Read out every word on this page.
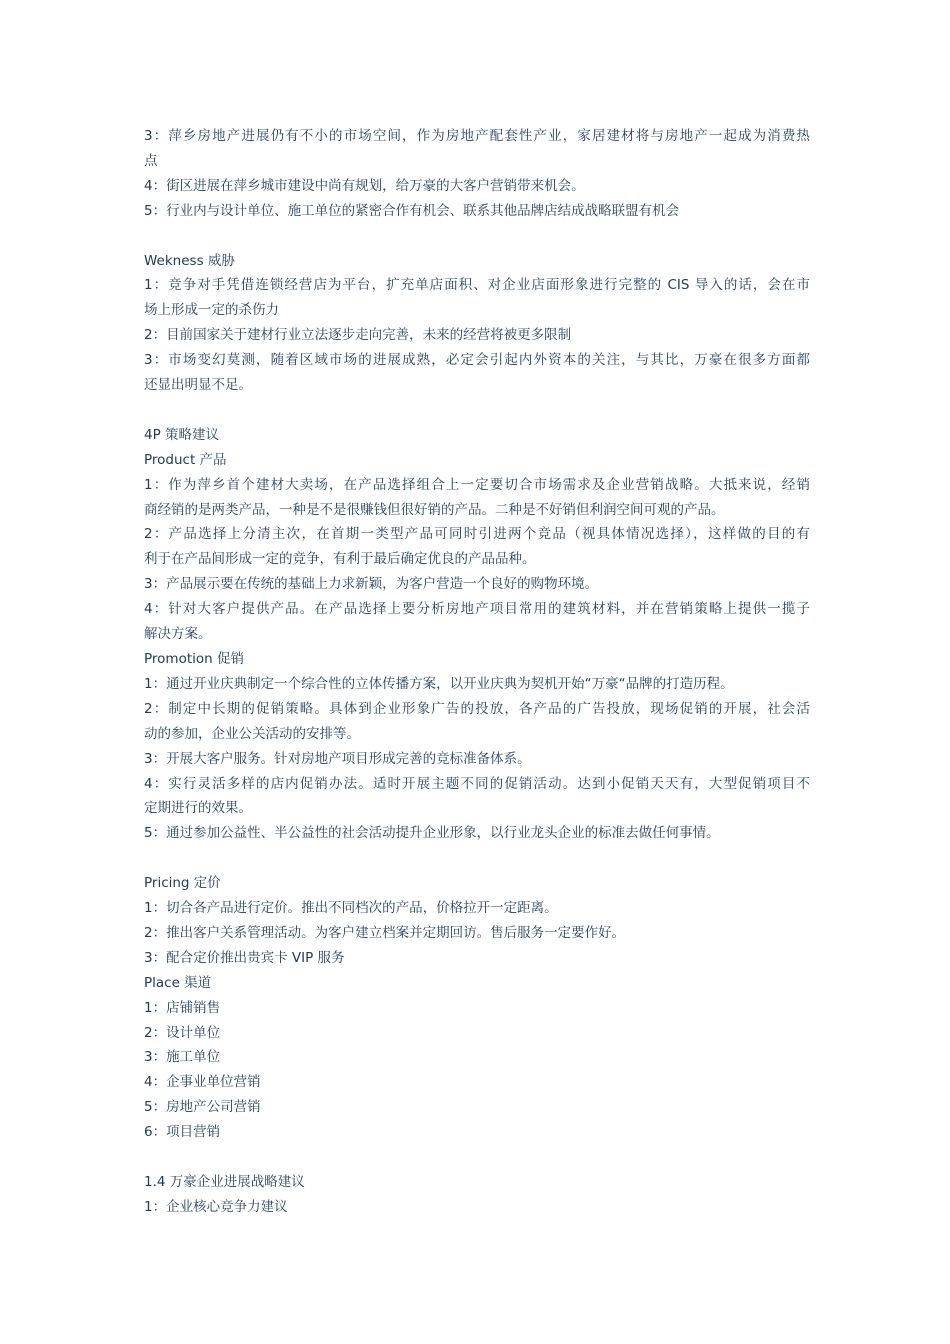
3：萍乡房地产进展仍有不小的市场空间，作为房地产配套性产业，家居建材将与房地产一起成为消费热

点

4：街区进展在萍乡城市建设中尚有规划，给万豪的大客户营销带来机会。

5：行业内与设计单位、施工单位的紧密合作有机会、联系其他品牌店结成战略联盟有机会

Wekness 威胁

1：竞争对手凭借连锁经营店为平台，扩充单店面积、对企业店面形象进行完整的 CIS 导入的话，会在市

场上形成一定的杀伤力

2：目前国家关于建材行业立法逐步走向完善，未来的经营将被更多限制

3：市场变幻莫测，随着区域市场的进展成熟，必定会引起内外资本的关注，与其比，万豪在很多方面都

还显出明显不足。

4P 策略建议

Product 产品

1：作为萍乡首个建材大卖场，在产品选择组合上一定要切合市场需求及企业营销战略。大抵来说，经销

商经销的是两类产品，一种是不是很赚钱但很好销的产品。二种是不好销但利润空间可观的产品。

2：产品选择上分清主次，在首期一类型产品可同时引进两个竞品（视具体情况选择），这样做的目的有

利于在产品间形成一定的竞争，有利于最后确定优良的产品品种。

3：产品展示要在传统的基础上力求新颖，为客户营造一个良好的购物环境。

4：针对大客户提供产品。在产品选择上要分析房地产项目常用的建筑材料，并在营销策略上提供一揽子

解决方案。

Promotion 促销

1：通过开业庆典制定一个综合性的立体传播方案，以开业庆典为契机开始“万豪“品牌的打造历程。

2：制定中长期的促销策略。具体到企业形象广告的投放，各产品的广告投放，现场促销的开展，社会活

动的参加，企业公关活动的安排等。

3：开展大客户服务。针对房地产项目形成完善的竞标准备体系。

4：实行灵活多样的店内促销办法。适时开展主题不同的促销活动。达到小促销天天有，大型促销项目不

定期进行的效果。

5：通过参加公益性、半公益性的社会活动提升企业形象，以行业龙头企业的标准去做任何事情。

Pricing 定价

1：切合各产品进行定价。推出不同档次的产品，价格拉开一定距离。

2：推出客户关系管理活动。为客户建立档案并定期回访。售后服务一定要作好。

3：配合定价推出贵宾卡 VIP 服务

Place 渠道

1：店铺销售

2：设计单位

3：施工单位

4：企事业单位营销

5：房地产公司营销

6：项目营销

1.4 万豪企业进展战略建议

1：企业核心竞争力建议
